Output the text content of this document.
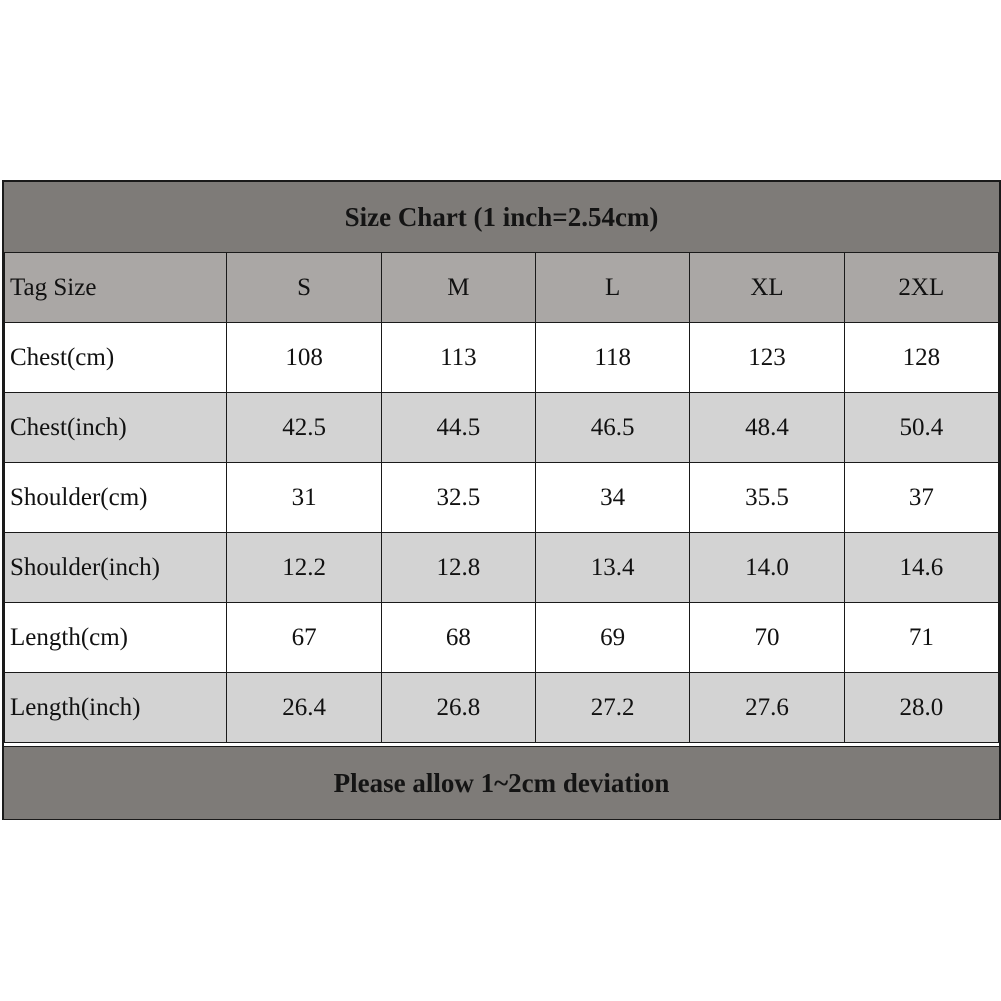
Size Chart (1 inch=2.54cm)
Tag Size	S	M	L	XL	2XL
Chest(cm)	108	113	118	123	128
Chest(inch)	42.5	44.5	46.5	48.4	50.4
Shoulder(cm)	31	32.5	34	35.5	37
Shoulder(inch)	12.2	12.8	13.4	14.0	14.6
Length(cm)	67	68	69	70	71
Length(inch)	26.4	26.8	27.2	27.6	28.0
Please allow 1~2cm deviation
